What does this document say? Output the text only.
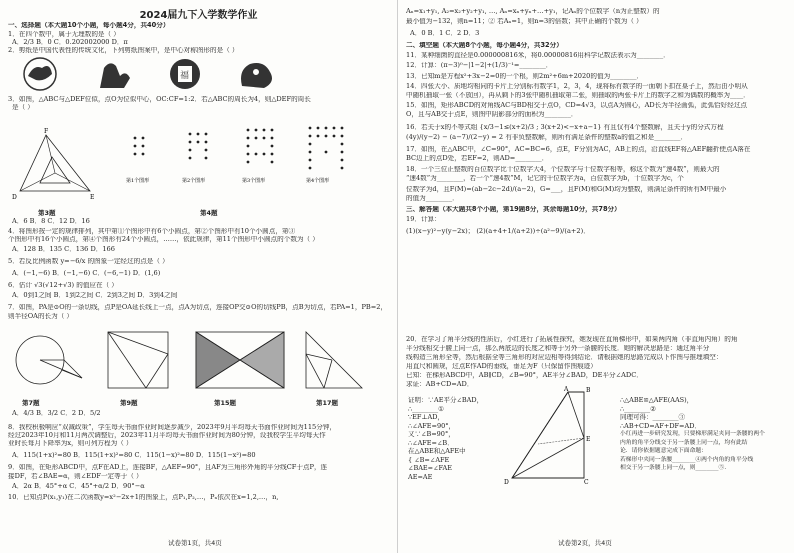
2024届九下入学数学作业
一、选择题（本大题10个小题，每小题4分，共40分）
1．在四个数中，属于无理数的是（ ）
A．2/3 B．0 C．0.202002000 D．π
2．剪纸是中国代表性的传统文化，下列剪纸图案中，是中心对称图形的是（ ）
福
3．如图，△ABC与△DEF位似，点O为位似中心，OC:CF=1:2．若△ABC的周长为4，则△DEF的周长
是（ ）
D	E
F
第1个图形	第2个图形	第3个图形	第4个图形
第3题	第4题
A．6 B．8 C．12 D．16
4．将图形按一定的规律排列，其中第①个图形中有6个小圆点，第②个图形中有10个小圆点，第③
个图形中有16个小圆点，第④个图形有24个小圆点，……，依此规律，第11个图形中小圆点的个数为（ ）
A．128 B．135 C．136 D．166
5．若反比例函数 y=−6/x 的图象一定经过的点是（ ）
A．(−1,−6) B．(−1,−6) C．(−6,−1) D．(1,6)
6．估计 √3(√12+√3) 的值应在（ ）
A．0到1之间 B．1到2之间 C．2到3之间 D．3到4之间
7．如图，PA是⊙O的一条切线，点P是OA延长线上一点，点A为切点，连接OP交⊙O的切线PB，点B为切点，若PA=1，PB=2，
则半径OA的长为（ ）
第7题	第9题	第15题	第17题
A．4/3 B．3/2 C．2 D．5/2
8．我校积极响应“双减政策”，学生每天书面作业时间逐步减少，2023年9月平均每天书面作业时间为115分钟，
经过2023年10月和11月两次调整后，2023年11月平均每天书面作业时间为80分钟，设我校学生平均每天作
业时长每月下降率为x，则可列方程为（ ）
A．115(1+x)²=80 B．115(1+x)²=80 C．115(1−x)²=80 D．115(1−x²)=80
9．如图，在矩形ABCD中，点F在AD上，连接BF，△AEF=90°，且AF为三角形外角的平分线CF于点P，连
接DF，若∠BAE=α，则∠EDF一定等于（ ）
A．2α B．45°+α C．45°+α/2 D．90°−α
10．已知点P(x₁,y₁)在二次函数y=x²−2x+1的图象上，点P₁,P₂,…，Pₙ依次在x=1,2,…，n,
试卷第1页，共4页
Aₙ=x₁+y₁, A₂=x₂+y₂+y₁, …, Aₙ=xₙ+yₙ+…+y₁，记Aₙ的个位数字（n为正整数）的
最小值为−132，则n=11；② 若Aₙ=1，则n=3的倍数；其中正确的个数为（ ）
A．0 B．1 C．2 D．3
二、填空题（本大题8个小题，每小题4分，共32分）
11．某种细菌的直径是0.000000816米，将0.00000816用科学记数法表示为________．
12．计算：(π−3)⁰−|1−2|+(1/3)⁻¹=________．
13．已知m是方程x²+3x−2=0的一个根，则2m²+6m+2020的值为________．
14．四张大小、质地均相同的卡片上分别标有数字1，2，3，4，现将标有数字的一面朝下扣在桌子上，然后由小明从
中随机抽取一张（不放回），再从剩下的3张中随机抽取第二张，则抽取的两张卡片上的数字之和为偶数的概率为____．
15．如图，矩形ABCD的对角线AC与BD相交于点O，CD=4√3，以点A为圆心，AD长为半径画弧，此弧恰好经过点
O，且与AB交于点E，则图中阴影部分的面积为________．
16．若关于x的不等式组 {x/3−1≤(x+2)/3 ; 3(x+2)<−x+a−1} 有且仅有4个整数解，且关于y的分式方程
(4y)/(y−2) − (a−7)/(2−y) = 2 有非负整数解，则所有满足条件的整数a的值之和是________．
17．如图，在△ABC中，∠C=90°，AC=BC=6，点E，F分别为AC，AB上的点，沿直线EF将△AEF翻折使点A落在
BC边上的点D处，若EF=2，则AD=________．
18．一个三位正整数的百位数字比十位数字大4，个位数字与十位数字相等，称这个数为“速4数”，则最大的
“速4数”为________，若一个“速4数”M，记它的千位数字为a，百位数字为b，十位数字为c，个
位数字为d，且F(M)=(ab−2c−2d)/(a−2)，G=___，且F(M)和G(M)均为整数，则满足条件的所有M中最小
的值为________．
三、解答题（本大题共8个小题，第19题8分，其余每题10分，共78分）
19．计算：
(1)(x−y)²−y(y−2x)； (2)(a+4+1/(a+2))÷(a²−9)/(a+2)．
20．在学习了角平分线的性质后，小红进行了拓展性探究，她发现在直角梯形中，如果两内角（非直角内角）的角
平分线相交于腰上同一点，那么两底边的长度之和等于另外一条腰的长度．她的解决思路是：通过角平分
线构造三角形全等，然后根据全等三角形的对应边相等得到结论．请根据她的思路完成以下作图与推理填空：
用直尺和圆规，过点E作AD的垂线，垂足为F（只保留作图痕迹）
已知：在梯形ABCD中，AB∥CD，∠B=90°，AE平分∠BAD，DE平分∠ADC．
求证：AB+CD=AD．
A	B
E
D	C
证明：∵AE平分∠BAD，
∴________①
∵EF⊥AD，
∴∠AFE=90°，
又∵∠B=90°，
∴∠AFE=∠B．
在△ABE和△AFE中
{ ∠B=∠AFE
∠BAE=∠FAE
AE=AE
∴△ABE≌△AFE(AAS)，
∴________②
同理可得：________③
∴AB+CD=AF+DF=AD．
小红再进一步研究发现，只要梯形满足夹同一条腰的两个
内角的角平分线交于另一条腰上同一点，均有此结
论．请你依据题意完成下面命题：
若梯形中夹同一条腰________④两个内角的角平分线
相交于另一条腰上同一点，则________⑤．
试卷第2页，共4页
